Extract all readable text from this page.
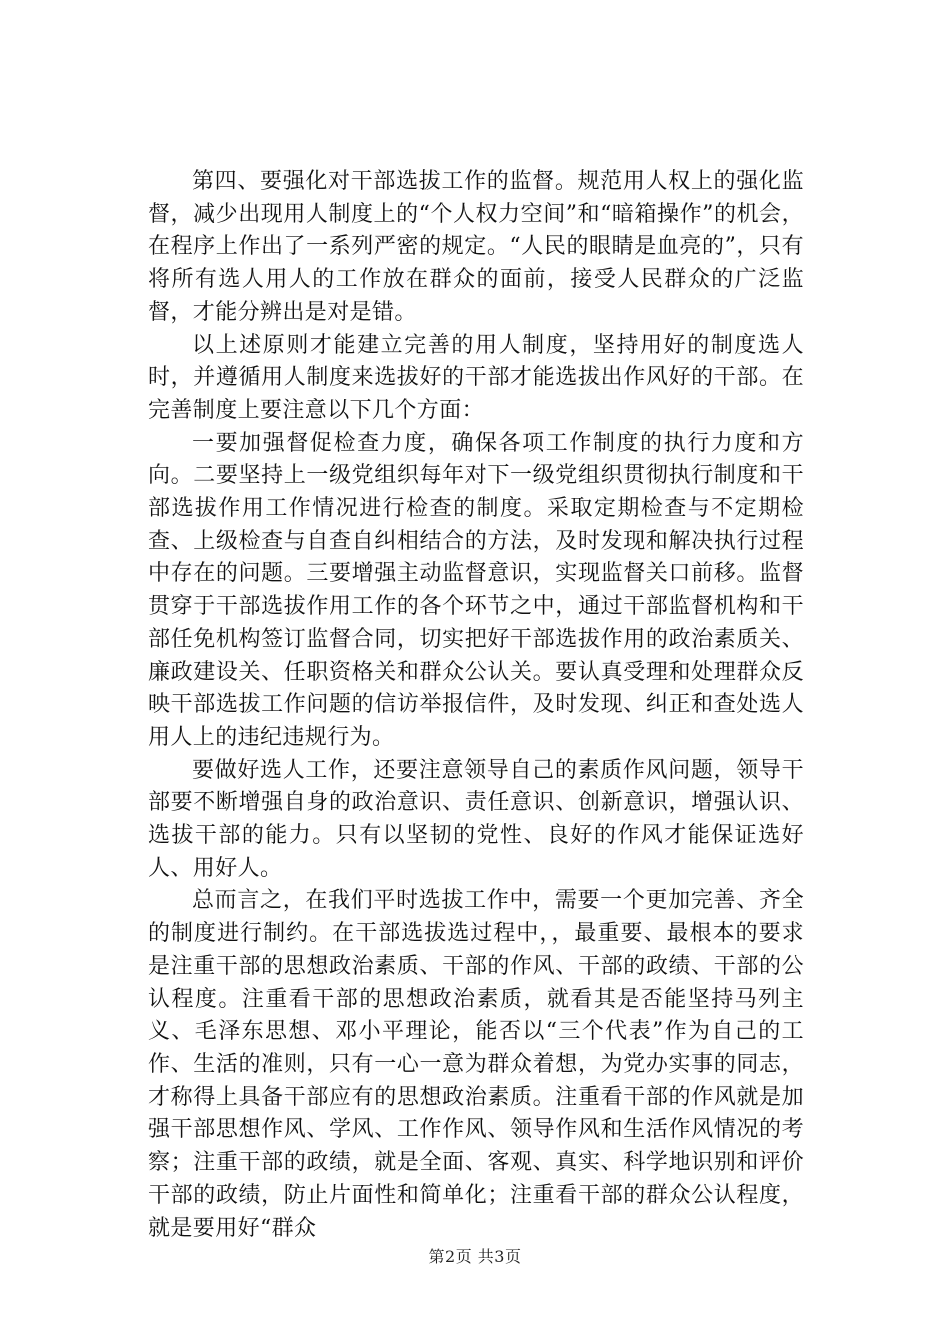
第四、要强化对干部选拔工作的监督。规范用人权上的强化监督，减少出现用人制度上的“个人权力空间”和“暗箱操作”的机会，在程序上作出了一系列严密的规定。“人民的眼睛是血亮的”，只有将所有选人用人的工作放在群众的面前，接受人民群众的广泛监督，才能分辨出是对是错。

以上述原则才能建立完善的用人制度，坚持用好的制度选人时，并遵循用人制度来选拔好的干部才能选拔出作风好的干部。在完善制度上要注意以下几个方面：

一要加强督促检查力度，确保各项工作制度的执行力度和方向。二要坚持上一级党组织每年对下一级党组织贯彻执行制度和干部选拔作用工作情况进行检查的制度。采取定期检查与不定期检查、上级检查与自查自纠相结合的方法，及时发现和解决执行过程中存在的问题。三要增强主动监督意识，实现监督关口前移。监督贯穿于干部选拔作用工作的各个环节之中，通过干部监督机构和干部任免机构签订监督合同，切实把好干部选拔作用的政治素质关、廉政建设关、任职资格关和群众公认关。要认真受理和处理群众反映干部选拔工作问题的信访举报信件，及时发现、纠正和查处选人用人上的违纪违规行为。

要做好选人工作，还要注意领导自己的素质作风问题，领导干部要不断增强自身的政治意识、责任意识、创新意识，增强认识、选拔干部的能力。只有以坚韧的党性、良好的作风才能保证选好人、用好人。

总而言之，在我们平时选拔工作中，需要一个更加完善、齐全的制度进行制约。在干部选拔选过程中，，最重要、最根本的要求是注重干部的思想政治素质、干部的作风、干部的政绩、干部的公认程度。注重看干部的思想政治素质，就看其是否能坚持马列主义、毛泽东思想、邓小平理论，能否以“三个代表”作为自己的工作、生活的准则，只有一心一意为群众着想，为党办实事的同志，才称得上具备干部应有的思想政治素质。注重看干部的作风就是加强干部思想作风、学风、工作作风、领导作风和生活作风情况的考察；注重干部的政绩，就是全面、客观、真实、科学地识别和评价干部的政绩，防止片面性和简单化；注重看干部的群众公认程度，就是要用好“群众

第2页 共3页
